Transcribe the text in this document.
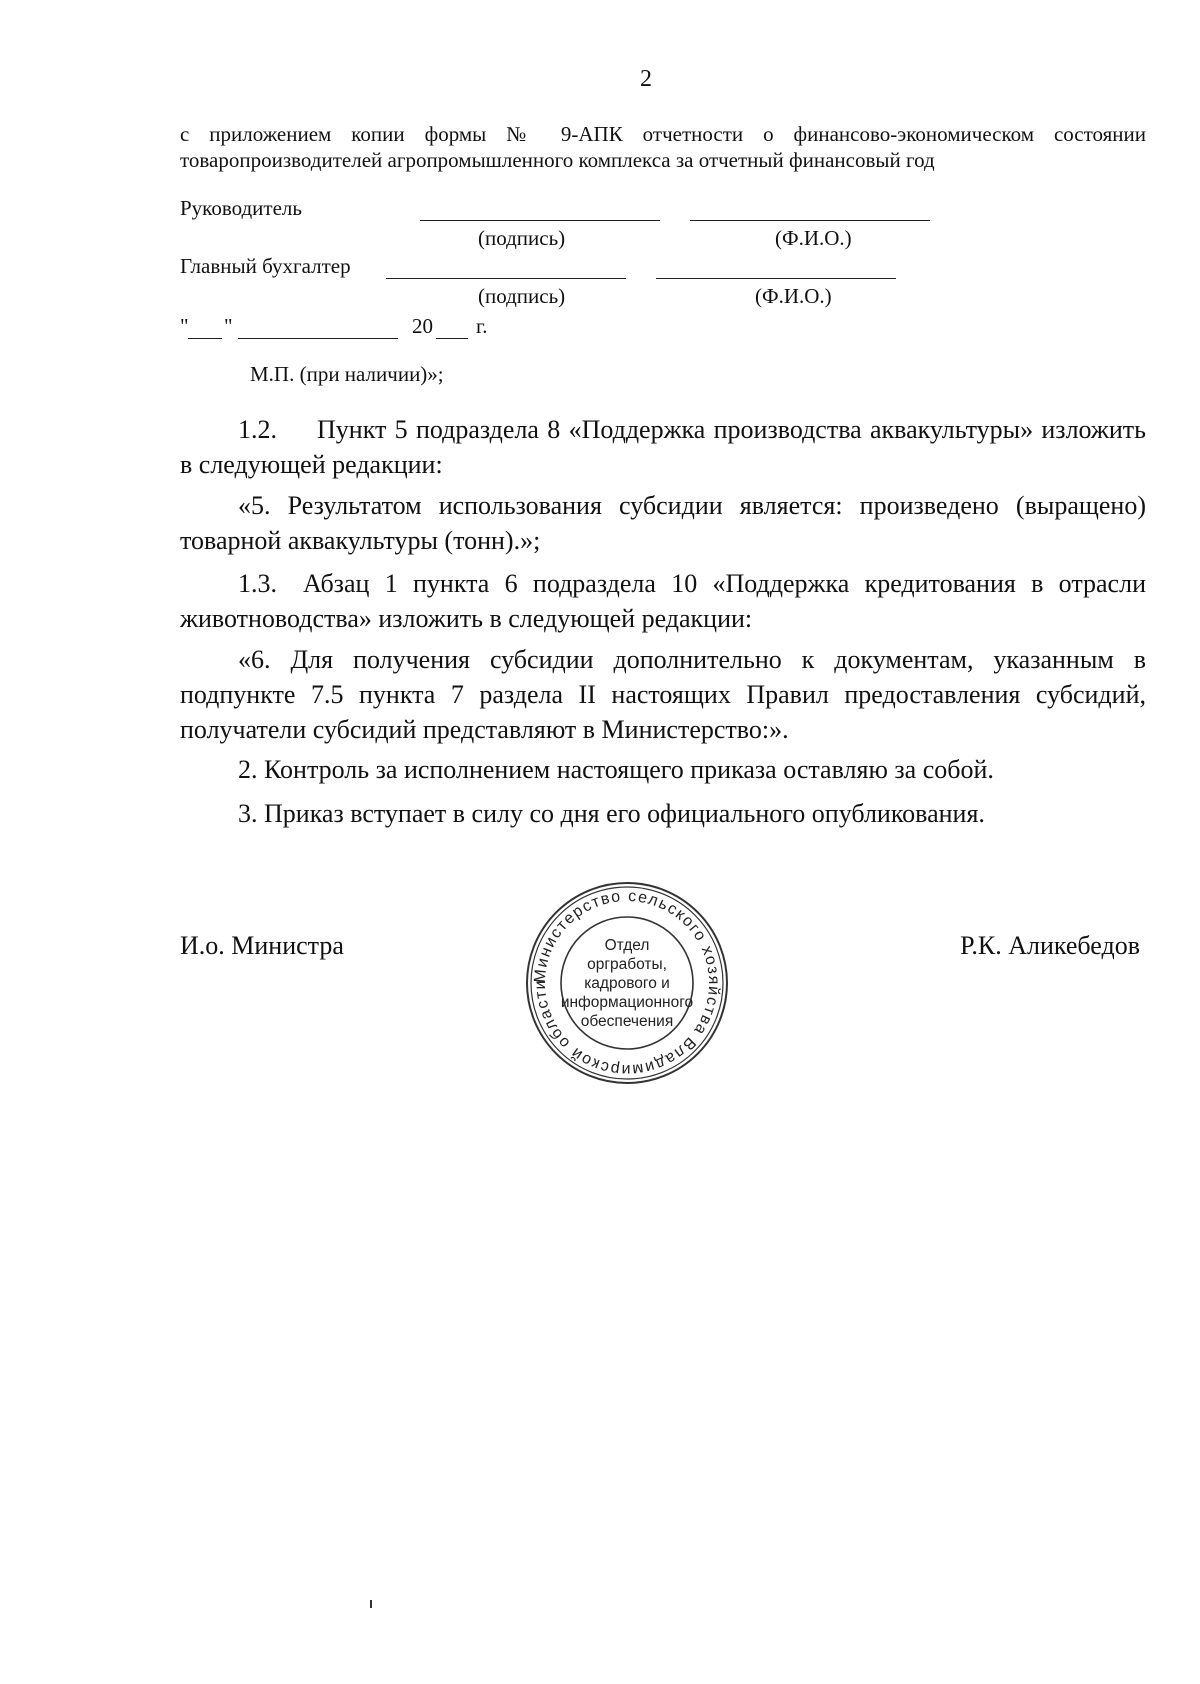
2
с приложением копии формы № 9-АПК отчетности о финансово-экономическом состоянии
товаропроизводителей агропромышленного комплекса за отчетный финансовый год
Руководитель
(подпись)	(Ф.И.О.)
Главный бухгалтер
(подпись)	(Ф.И.О.)
" "	20 г.
М.П. (при наличии)»;
1.2. Пункт 5 подраздела 8 «Поддержка производства аквакультуры» изложить в следующей редакции:
«5. Результатом использования субсидии является: произведено (выращено) товарной аквакультуры (тонн).»;
1.3. Абзац 1 пункта 6 подраздела 10 «Поддержка кредитования в отрасли животноводства» изложить в следующей редакции:
«6. Для получения субсидии дополнительно к документам, указанным в подпункте 7.5 пункта 7 раздела II настоящих Правил предоставления субсидий, получатели субсидий представляют в Министерство:».
2. Контроль за исполнением настоящего приказа оставляю за собой.
3. Приказ вступает в силу со дня его официального опубликования.
И.о. Министра	Р.К. Аликебедов
Министерство сельского хозяйства Владимирской области
Отдел
оргработы,
кадрового и
информационного
обеспечения
